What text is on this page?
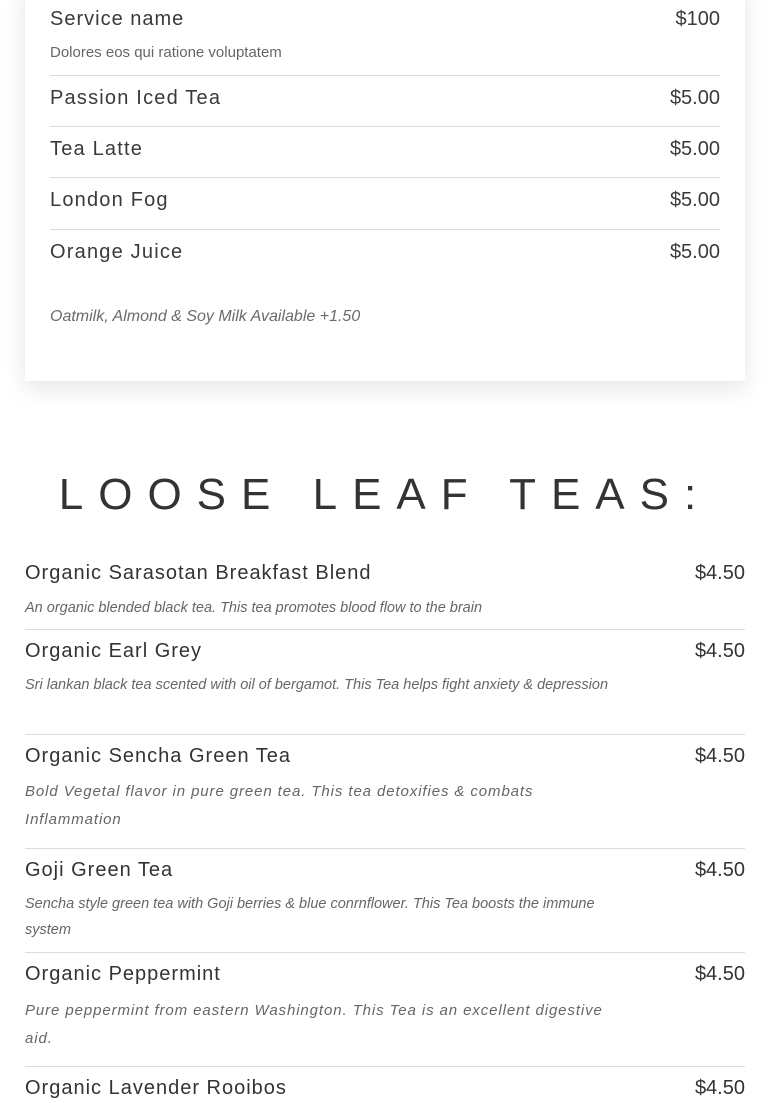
Service name	$100
Dolores eos qui ratione voluptatem
Passion Iced Tea	$5.00
Tea Latte	$5.00
London Fog	$5.00
Orange Juice	$5.00
Oatmilk, Almond & Soy Milk Available +1.50
LOOSE LEAF TEAS:
Organic Sarasotan Breakfast Blend	$4.50
An organic blended black tea. This tea promotes blood flow to the brain
Organic Earl Grey	$4.50
Sri lankan black tea scented with oil of bergamot. This Tea helps fight anxiety & depression
Organic Sencha Green Tea	$4.50
Bold Vegetal flavor in pure green tea. This tea detoxifies & combats Inflammation
Goji Green Tea	$4.50
Sencha style green tea with Goji berries & blue conrnflower. This Tea boosts the immune system
Organic Peppermint	$4.50
Pure peppermint from eastern Washington. This Tea is an excellent digestive aid.
Organic Lavender Rooibos	$4.50
